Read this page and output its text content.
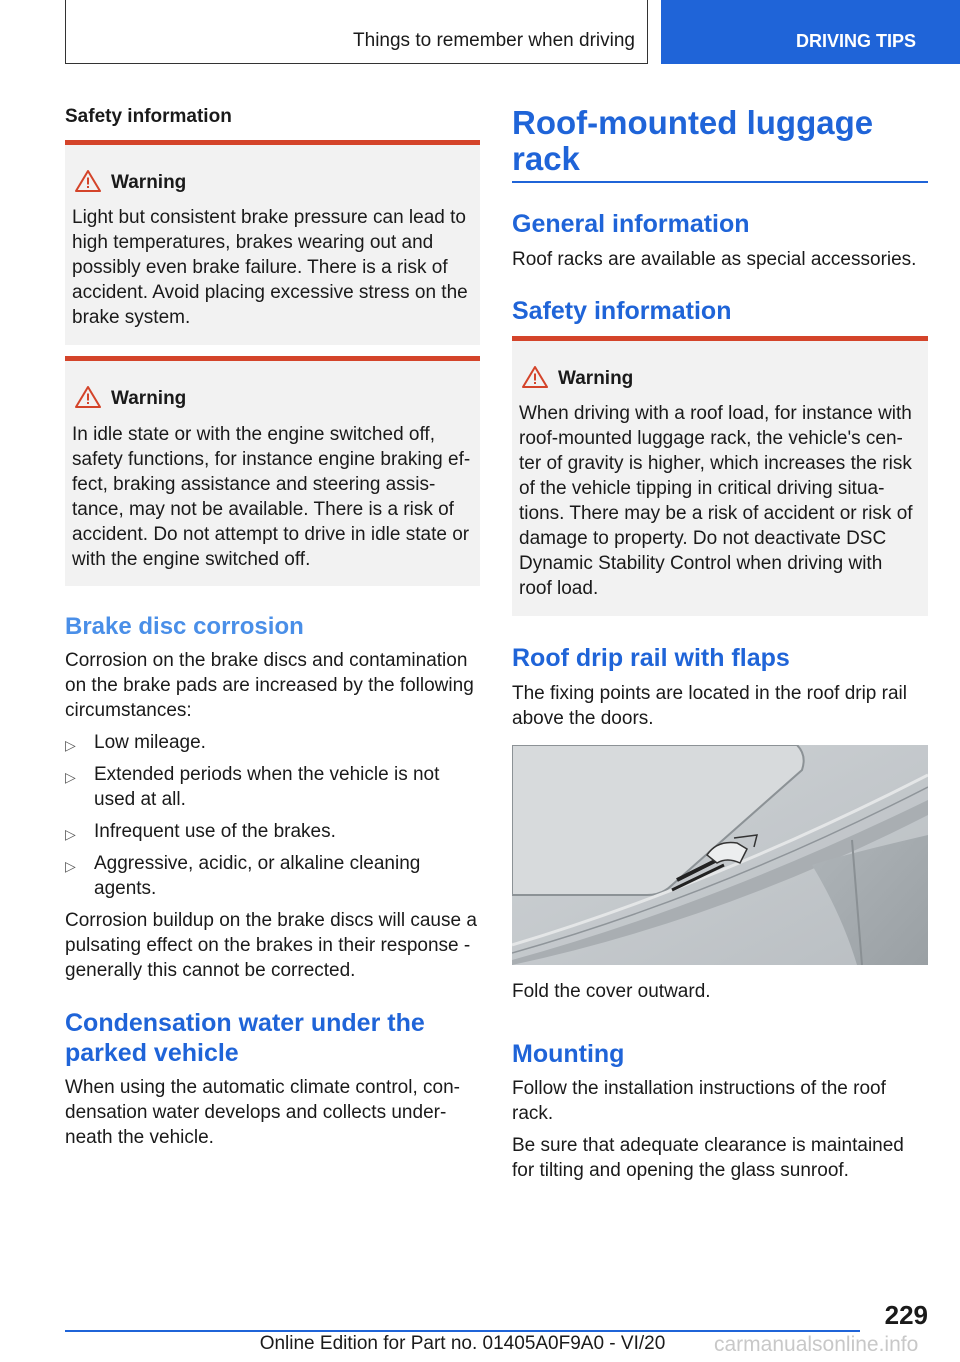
Things to remember when driving	DRIVING TIPS
Safety information
Warning

Light but consistent brake pressure can lead to

high temperatures, brakes wearing out and

possibly even brake failure. There is a risk of

accident. Avoid placing excessive stress on the

brake system.

Warning

In idle state or with the engine switched off,

safety functions, for instance engine braking ef-

fect, braking assistance and steering assis-

tance, may not be available. There is a risk of

accident. Do not attempt to drive in idle state or

with the engine switched off.

Brake disc corrosion

Corrosion on the brake discs and contamination

on the brake pads are increased by the following

circumstances:

▷ Low mileage.
▷ Extended periods when the vehicle is not
used at all.
▷ Infrequent use of the brakes.
▷ Aggressive, acidic, or alkaline cleaning
agents.

Corrosion buildup on the brake discs will cause a

pulsating effect on the brakes in their response -

generally this cannot be corrected.

Condensation water under the
parked vehicle

When using the automatic climate control, con-

densation water develops and collects under-

neath the vehicle.

Roof-mounted luggage
rack
General information

Roof racks are available as special accessories.

Safety information
Warning

When driving with a roof load, for instance with

roof-mounted luggage rack, the vehicle's cen-

ter of gravity is higher, which increases the risk

of the vehicle tipping in critical driving situa-

tions. There may be a risk of accident or risk of

damage to property. Do not deactivate DSC

Dynamic Stability Control when driving with

roof load.

Roof drip rail with flaps

The fixing points are located in the roof drip rail

above the doors.

Fold the cover outward.

Mounting

Follow the installation instructions of the roof

rack.

Be sure that adequate clearance is maintained

for tilting and opening the glass sunroof.

229
Online Edition for Part no. 01405A0F9A0 - VI/20	carmanualsonline.info
